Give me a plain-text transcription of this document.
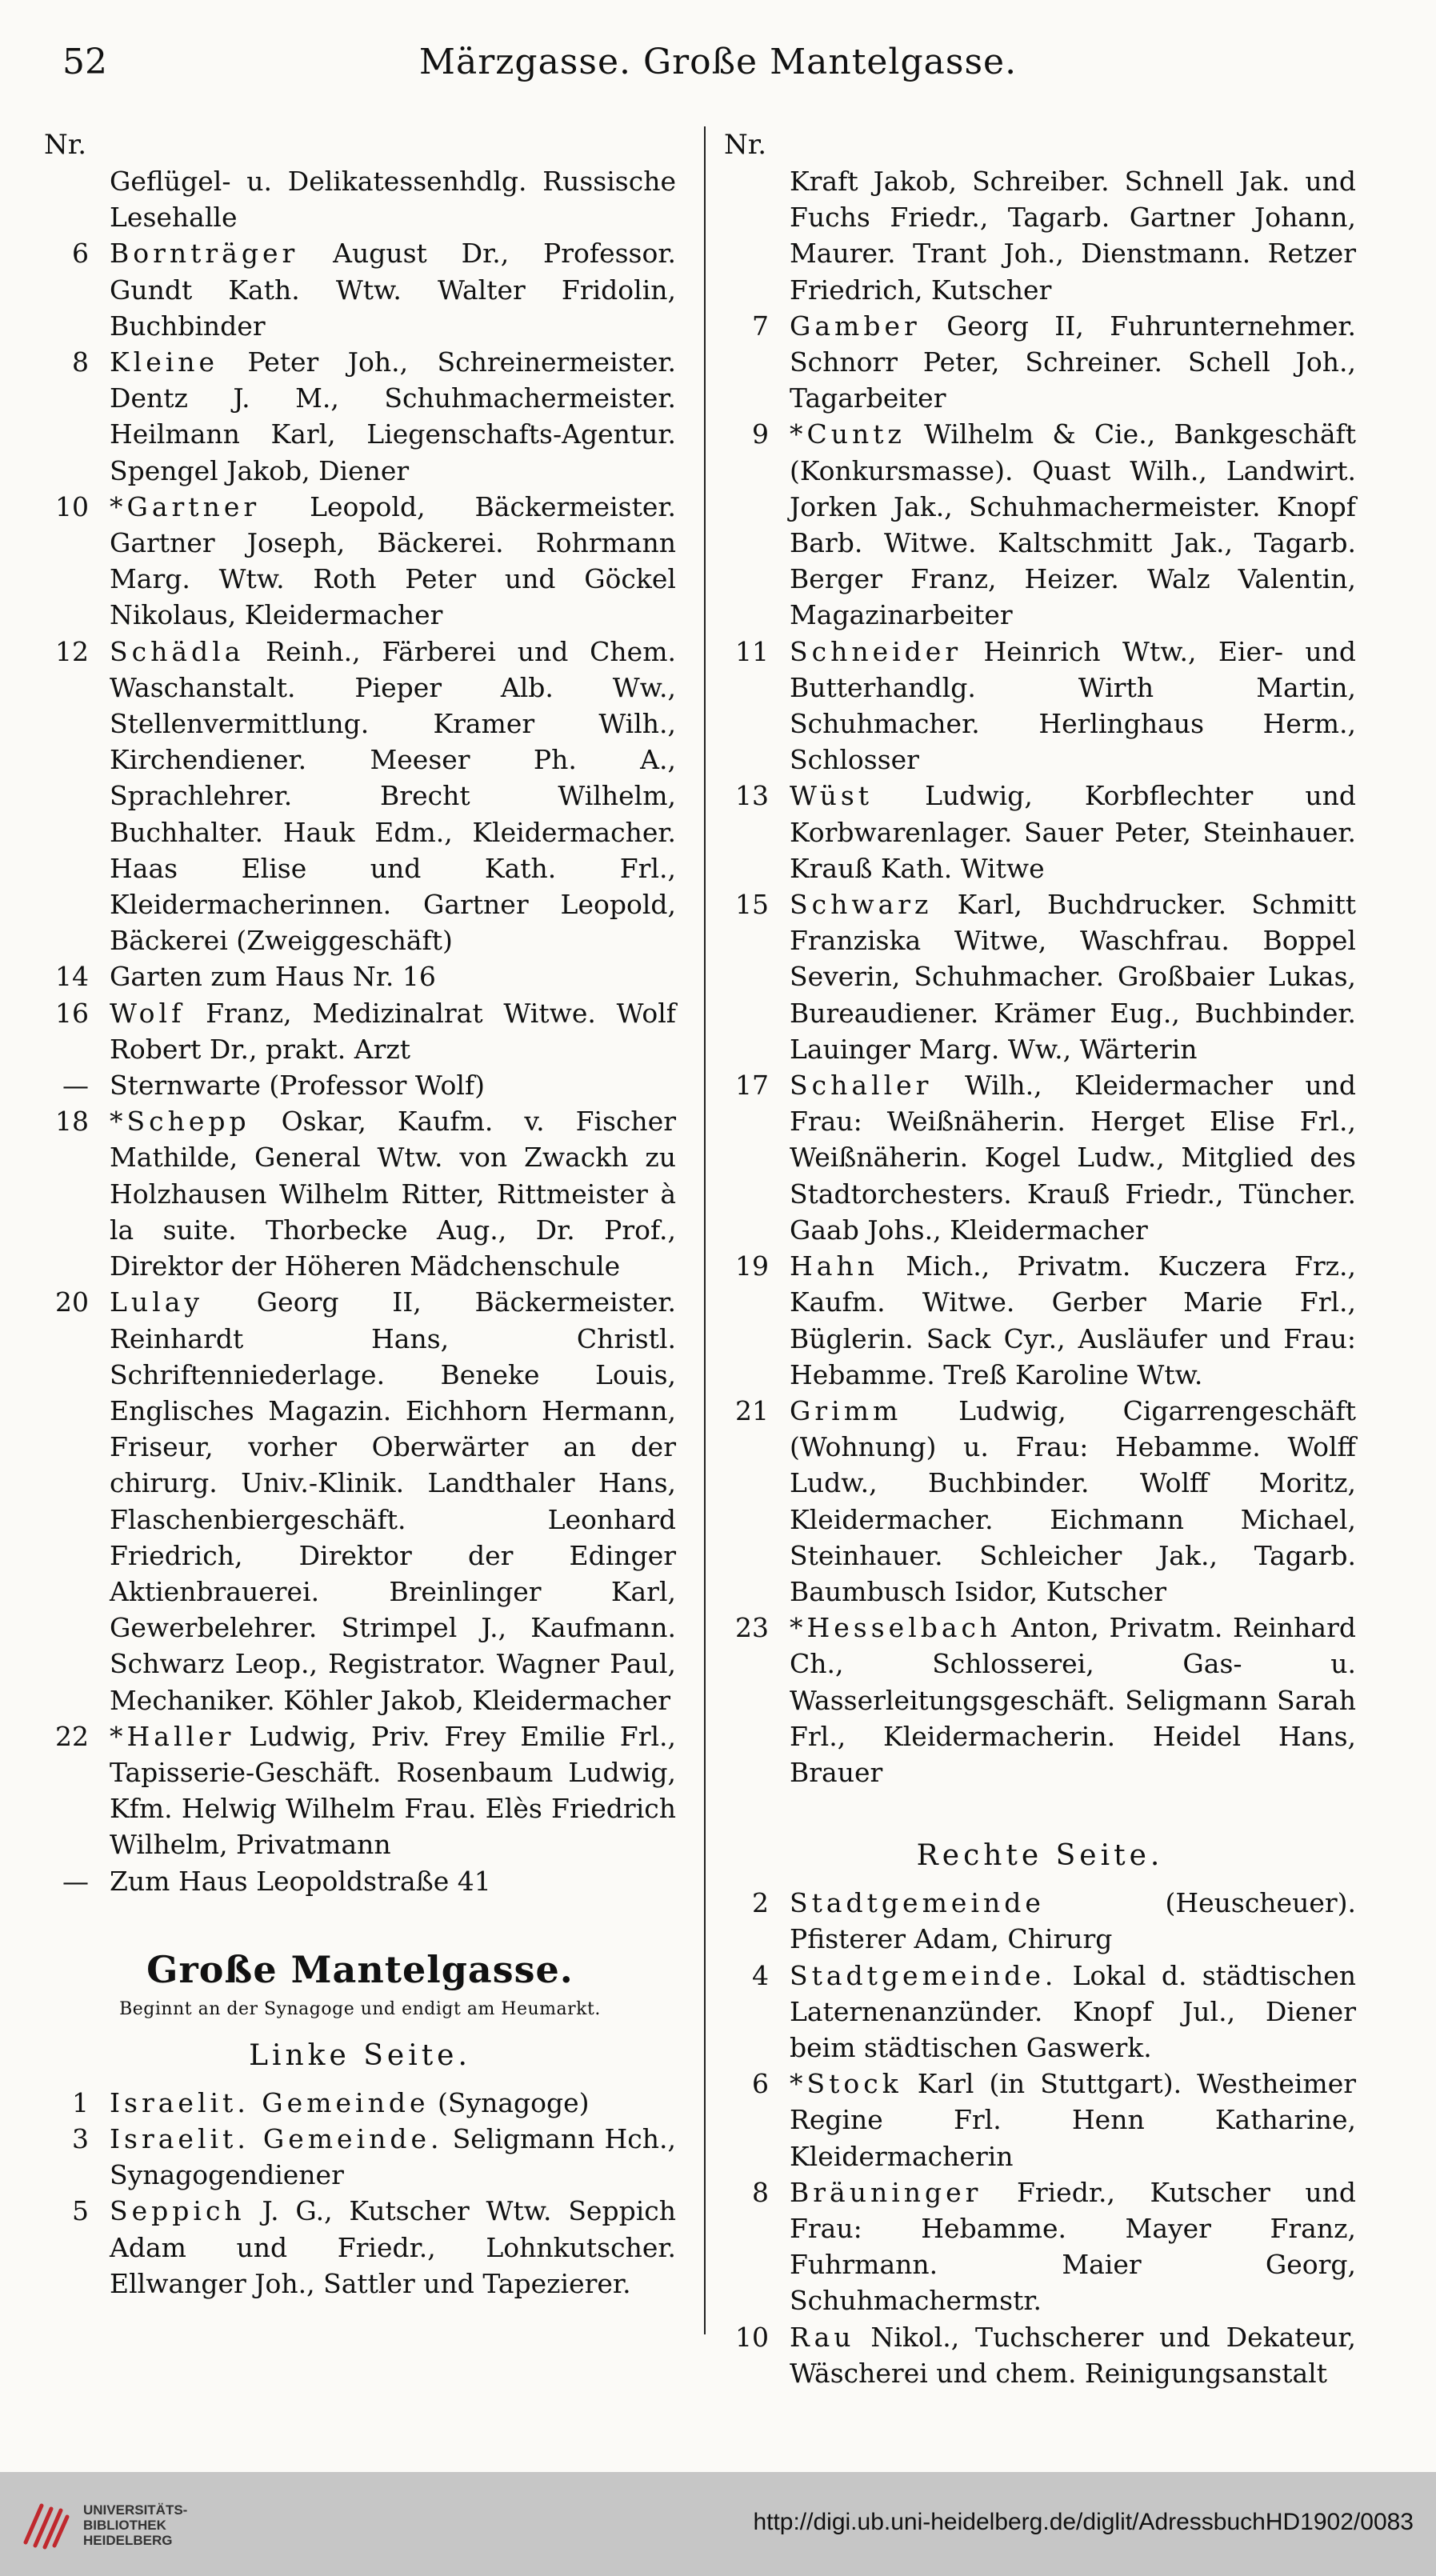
52	Märzgasse. Große Mantelgasse.
Nr.
Geflügel- u. Delikatessenhdlg. Russische Lesehalle
6 Bornträger August Dr., Professor. Gundt Kath. Wtw. Walter Fridolin, Buchbinder
8 Kleine Peter Joh., Schreinermeister. Dentz J. M., Schuhmachermeister. Heilmann Karl, Liegenschafts-Agentur. Spengel Jakob, Diener
10 *Gartner Leopold, Bäckermeister. Gartner Joseph, Bäckerei. Rohrmann Marg. Wtw. Roth Peter und Göckel Nikolaus, Kleidermacher
12 Schädla Reinh., Färberei und Chem. Waschanstalt. Pieper Alb. Ww., Stellenvermittlung. Kramer Wilh., Kirchendiener. Meeser Ph. A., Sprachlehrer. Brecht Wilhelm, Buchhalter. Hauk Edm., Kleidermacher. Haas Elise und Kath. Frl., Kleidermacherinnen. Gartner Leopold, Bäckerei (Zweiggeschäft)
14 Garten zum Haus Nr. 16
16 Wolf Franz, Medizinalrat Witwe. Wolf Robert Dr., prakt. Arzt
— Sternwarte (Professor Wolf)
18 *Schepp Oskar, Kaufm. v. Fischer Mathilde, General Wtw. von Zwackh zu Holzhausen Wilhelm Ritter, Rittmeister à la suite. Thorbecke Aug., Dr. Prof., Direktor der Höheren Mädchenschule
20 Lulay Georg II, Bäckermeister. Reinhardt Hans, Christl. Schriftenniederlage. Beneke Louis, Englisches Magazin. Eichhorn Hermann, Friseur, vorher Oberwärter an der chirurg. Univ.-Klinik. Landthaler Hans, Flaschenbiergeschäft. Leonhard Friedrich, Direktor der Edinger Aktienbrauerei. Breinlinger Karl, Gewerbelehrer. Strimpel J., Kaufmann. Schwarz Leop., Registrator. Wagner Paul, Mechaniker. Köhler Jakob, Kleidermacher
22 *Haller Ludwig, Priv. Frey Emilie Frl., Tapisserie-Geschäft. Rosenbaum Ludwig, Kfm. Helwig Wilhelm Frau. Elès Friedrich Wilhelm, Privatmann
— Zum Haus Leopoldstraße 41
Große Mantelgasse.
Beginnt an der Synagoge und endigt am Heumarkt.
Linke Seite.
1 Israelit. Gemeinde (Synagoge)
3 Israelit. Gemeinde. Seligmann Hch., Synagogendiener
5 Seppich J. G., Kutscher Wtw. Seppich Adam und Friedr., Lohnkutscher. Ellwanger Joh., Sattler und Tapezierer.
Nr.
Kraft Jakob, Schreiber. Schnell Jak. und Fuchs Friedr., Tagarb. Gartner Johann, Maurer. Trant Joh., Dienstmann. Retzer Friedrich, Kutscher
7 Gamber Georg II, Fuhrunternehmer. Schnorr Peter, Schreiner. Schell Joh., Tagarbeiter
9 *Cuntz Wilhelm & Cie., Bankgeschäft (Konkursmasse). Quast Wilh., Landwirt. Jorken Jak., Schuhmachermeister. Knopf Barb. Witwe. Kaltschmitt Jak., Tagarb. Berger Franz, Heizer. Walz Valentin, Magazinarbeiter
11 Schneider Heinrich Wtw., Eier- und Butterhandlg. Wirth Martin, Schuhmacher. Herlinghaus Herm., Schlosser
13 Wüst Ludwig, Korbflechter und Korbwarenlager. Sauer Peter, Steinhauer. Krauß Kath. Witwe
15 Schwarz Karl, Buchdrucker. Schmitt Franziska Witwe, Waschfrau. Boppel Severin, Schuhmacher. Großbaier Lukas, Bureaudiener. Krämer Eug., Buchbinder. Lauinger Marg. Ww., Wärterin
17 Schaller Wilh., Kleidermacher und Frau: Weißnäherin. Herget Elise Frl., Weißnäherin. Kogel Ludw., Mitglied des Stadtorchesters. Krauß Friedr., Tüncher. Gaab Johs., Kleidermacher
19 Hahn Mich., Privatm. Kuczera Frz., Kaufm. Witwe. Gerber Marie Frl., Büglerin. Sack Cyr., Ausläufer und Frau: Hebamme. Treß Karoline Wtw.
21 Grimm Ludwig, Cigarrengeschäft (Wohnung) u. Frau: Hebamme. Wolff Ludw., Buchbinder. Wolff Moritz, Kleidermacher. Eichmann Michael, Steinhauer. Schleicher Jak., Tagarb. Baumbusch Isidor, Kutscher
23 *Hesselbach Anton, Privatm. Reinhard Ch., Schlosserei, Gas- u. Wasserleitungsgeschäft. Seligmann Sarah Frl., Kleidermacherin. Heidel Hans, Brauer
Rechte Seite.
2 Stadtgemeinde (Heuscheuer). Pfisterer Adam, Chirurg
4 Stadtgemeinde. Lokal d. städtischen Laternenanzünder. Knopf Jul., Diener beim städtischen Gaswerk.
6 *Stock Karl (in Stuttgart). Westheimer Regine Frl. Henn Katharine, Kleidermacherin
8 Bräuninger Friedr., Kutscher und Frau: Hebamme. Mayer Franz, Fuhrmann. Maier Georg, Schuhmachermstr.
10 Rau Nikol., Tuchscherer und Dekateur, Wäscherei und chem. Reinigungsanstalt
UNIVERSITÄTS-
BIBLIOTHEK
HEIDELBERG
http://digi.ub.uni-heidelberg.de/diglit/AdressbuchHD1902/0083
